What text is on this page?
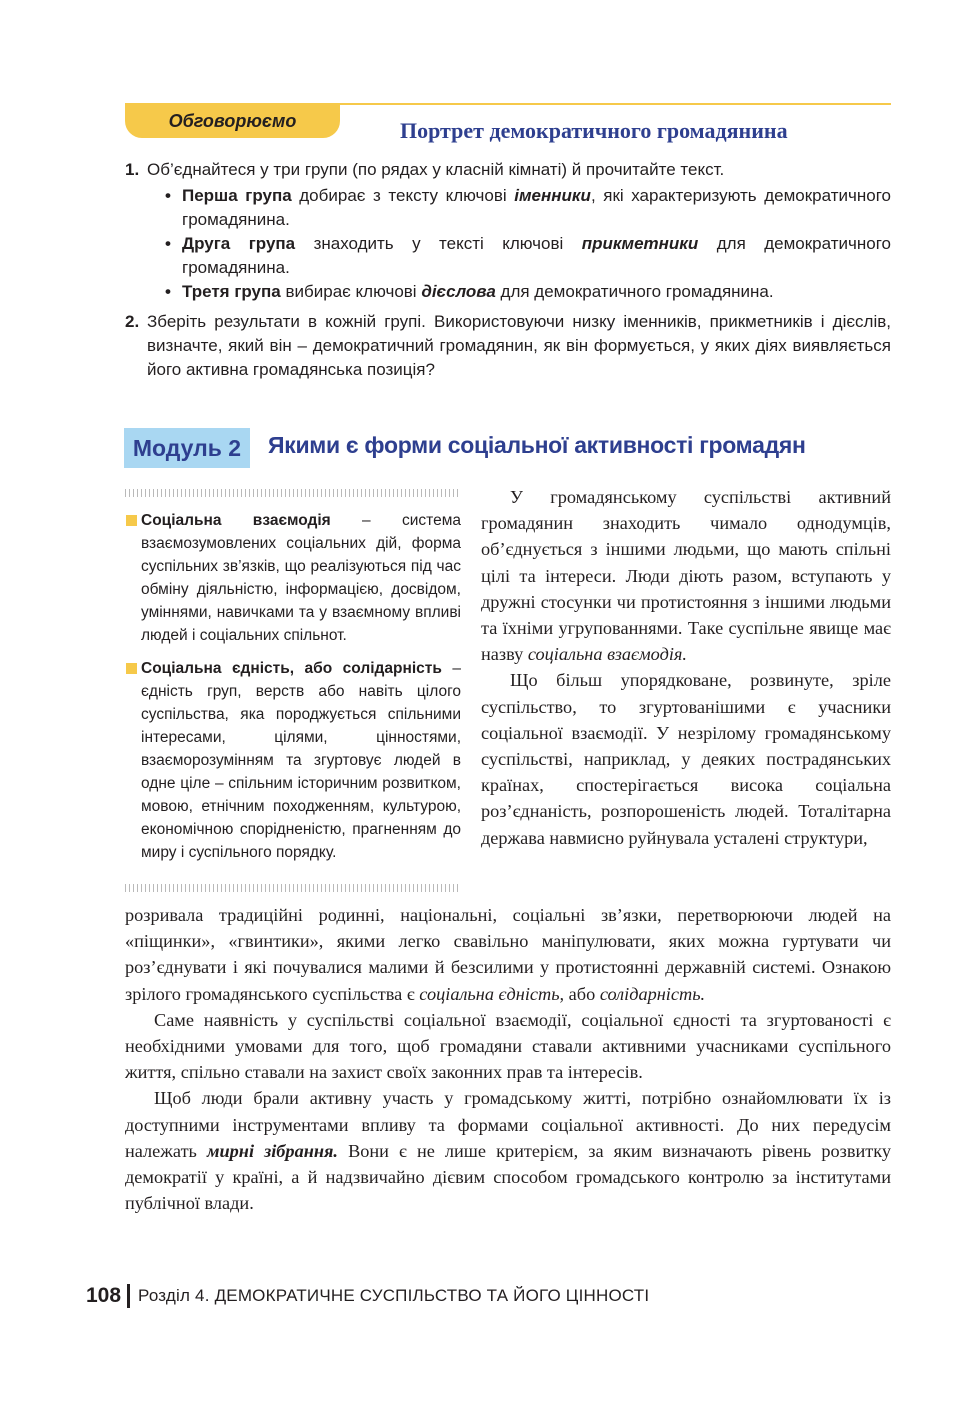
Обговорюємо	Портрет демократичного громадянина
1. Об’єднайтеся у три групи (по рядах у класній кімнаті) й прочитайте текст.
• Перша група добирає з тексту ключові іменники, які характеризують демократичного громадянина.
• Друга група знаходить у тексті ключові прикметники для демократичного громадянина.
• Третя група вибирає ключові дієслова для демократичного громадянина.
2. Зберіть результати в кожній групі. Використовуючи низку іменників, прикметників і дієслів, визначте, який він – демократичний громадянин, як він формується, у яких діях виявляється його активна громадянська позиція?
Модуль 2	Якими є форми соціальної активності громадян
Соціальна взаємодія – система взаємозумовлених соціальних дій, форма суспільних зв’язків, що реалізуються під час обміну діяльністю, інформацією, досвідом, уміннями, навичками та у взаємному впливі людей і соціальних спільнот.
Соціальна єдність, або солідарність – єдність груп, верств або навіть цілого суспільства, яка породжується спільними інтересами, цілями, цінностями, взаєморозумінням та згуртовує людей в одне ціле – спільним історичним розвитком, мовою, етнічним походженням, культурою, економічною спорідненістю, прагненням до миру і суспільного порядку.

У громадянському суспільстві активний громадянин знаходить чимало однодумців, об’єднується з іншими людьми, що мають спільні цілі та інтереси. Люди діють разом, вступають у дружні стосунки чи протистояння з іншими людьми та їхніми угрупованнями. Таке суспільне явище має назву соціальна взаємодія.

Що більш упорядковане, розвинуте, зріле суспільство, то згуртованішими є учасники соціальної взаємодії. У незрілому громадянському суспільстві, наприклад, у деяких пострадянських країнах, спостерігається висока соціальна роз’єднаність, розпорошеність людей. Тоталітарна держава навмисно руйнувала усталені структури,

розривала традиційні родинні, національні, соціальні зв’язки, перетворюючи людей на «піщинки», «гвинтики», якими легко свавільно маніпулювати, яких можна гуртувати чи роз’єднувати і які почувалися малими й безсилими у протистоянні державній системі. Ознакою зрілого громадянського суспільства є соціальна єдність, або солідарність.

Саме наявність у суспільстві соціальної взаємодії, соціальної єдності та згуртованості є необхідними умовами для того, щоб громадяни ставали активними учасниками суспільного життя, спільно ставали на захист своїх законних прав та інтересів.

Щоб люди брали активну участь у громадському житті, потрібно ознайомлювати їх із доступними інструментами впливу та формами соціальної активності. До них передусім належать мирні зібрання. Вони є не лише критерієм, за яким визначають рівень розвитку демократії у країні, а й надзвичайно дієвим способом громадського контролю за інститутами публічної влади.

108 Розділ 4. ДЕМОКРАТИЧНЕ СУСПІЛЬСТВО ТА ЙОГО ЦІННОСТІ
